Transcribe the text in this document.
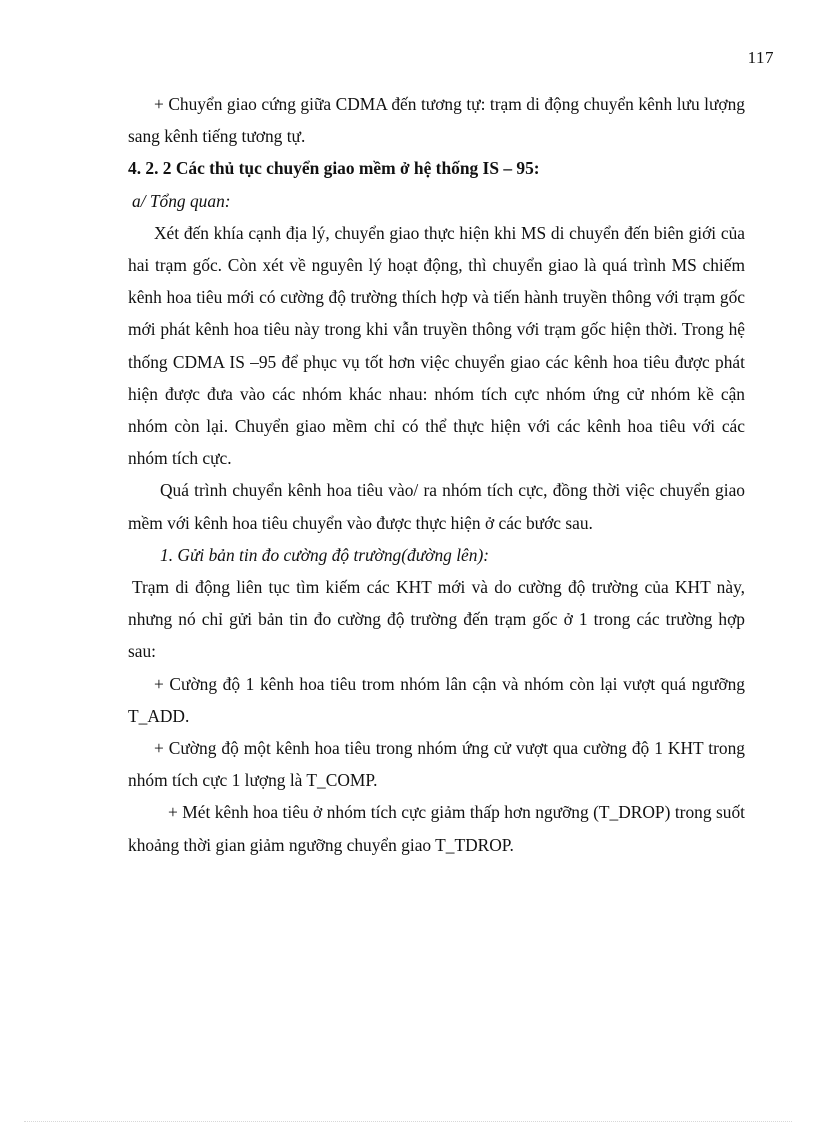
117

+ Chuyển giao cứng giữa CDMA đến tương tự: trạm di động chuyển kênh lưu lượng sang kênh tiếng tương tự.

4. 2. 2 Các thủ tục chuyển giao mềm ở hệ thống IS – 95:

a/ Tổng quan:

Xét đến khía cạnh địa lý, chuyển giao thực hiện khi MS di chuyển đến biên giới của hai trạm gốc. Còn xét về nguyên lý hoạt động, thì chuyển giao là quá trình MS chiếm kênh hoa tiêu mới có cường độ trường thích hợp và tiến hành truyền thông với trạm gốc mới phát kênh hoa tiêu này trong khi vẫn truyền thông với trạm gốc hiện thời. Trong hệ thống CDMA IS –95 để phục vụ tốt hơn việc chuyển giao các kênh hoa tiêu được phát hiện được đưa vào các nhóm khác nhau: nhóm tích cực nhóm ứng cử nhóm kề cận nhóm còn lại. Chuyển giao mềm chỉ có thể thực hiện với các kênh hoa tiêu với các nhóm tích cực.

Quá trình chuyển kênh hoa tiêu vào/ ra nhóm tích cực, đồng thời việc chuyển giao mềm với kênh hoa tiêu chuyển vào được thực hiện ở các bước sau.

1. Gửi bản tin đo cường độ trường(đường lên):

Trạm di động liên tục tìm kiếm các KHT mới và do cường độ trường của KHT này, nhưng nó chỉ gửi bản tin đo cường độ trường đến trạm gốc ở 1 trong các trường hợp sau:

+ Cường độ 1 kênh hoa tiêu trom nhóm lân cận và nhóm còn lại vượt quá ngưỡng T_ADD.

+ Cường độ một kênh hoa tiêu trong nhóm ứng cử vượt qua cường độ 1 KHT trong nhóm tích cực 1 lượng là T_COMP.

+ Mét kênh hoa tiêu ở nhóm tích cực giảm thấp hơn ngưỡng (T_DROP) trong suốt khoảng thời gian giảm ngưỡng chuyển giao T_TDROP.
